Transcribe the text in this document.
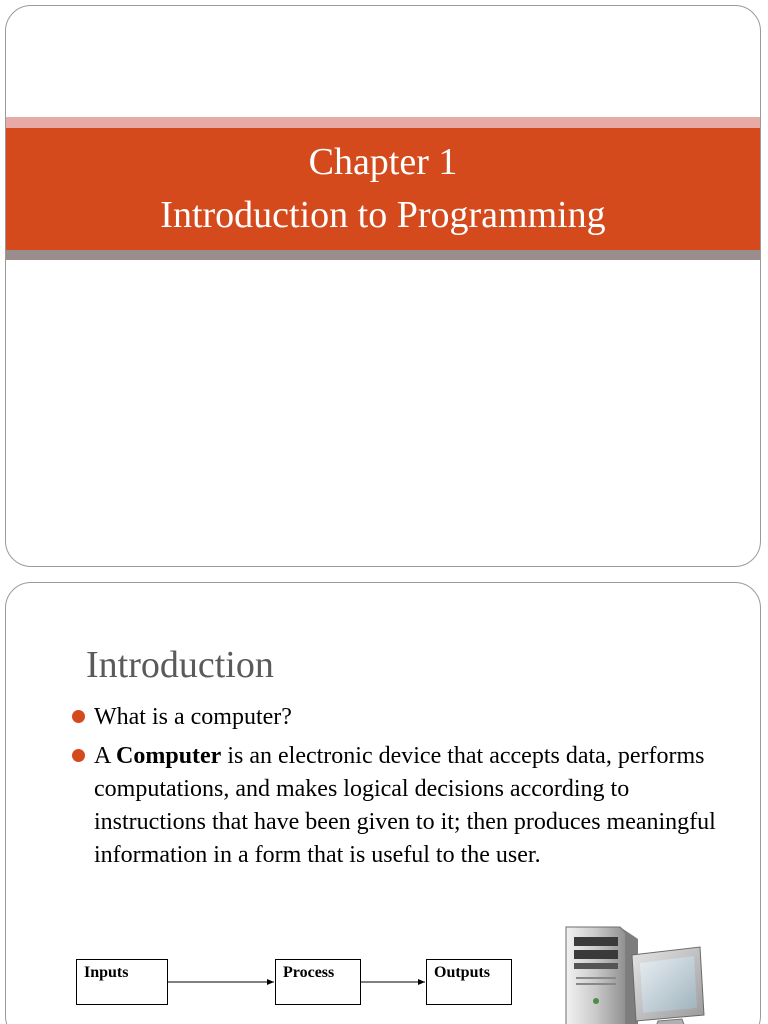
Chapter 1
Introduction to Programming
Introduction
What is a computer?
A Computer is an electronic device that accepts data, performs computations, and makes logical decisions according to instructions that have been given to it; then produces meaningful information in a form that is useful to the user.
Inputs	Process	Outputs
